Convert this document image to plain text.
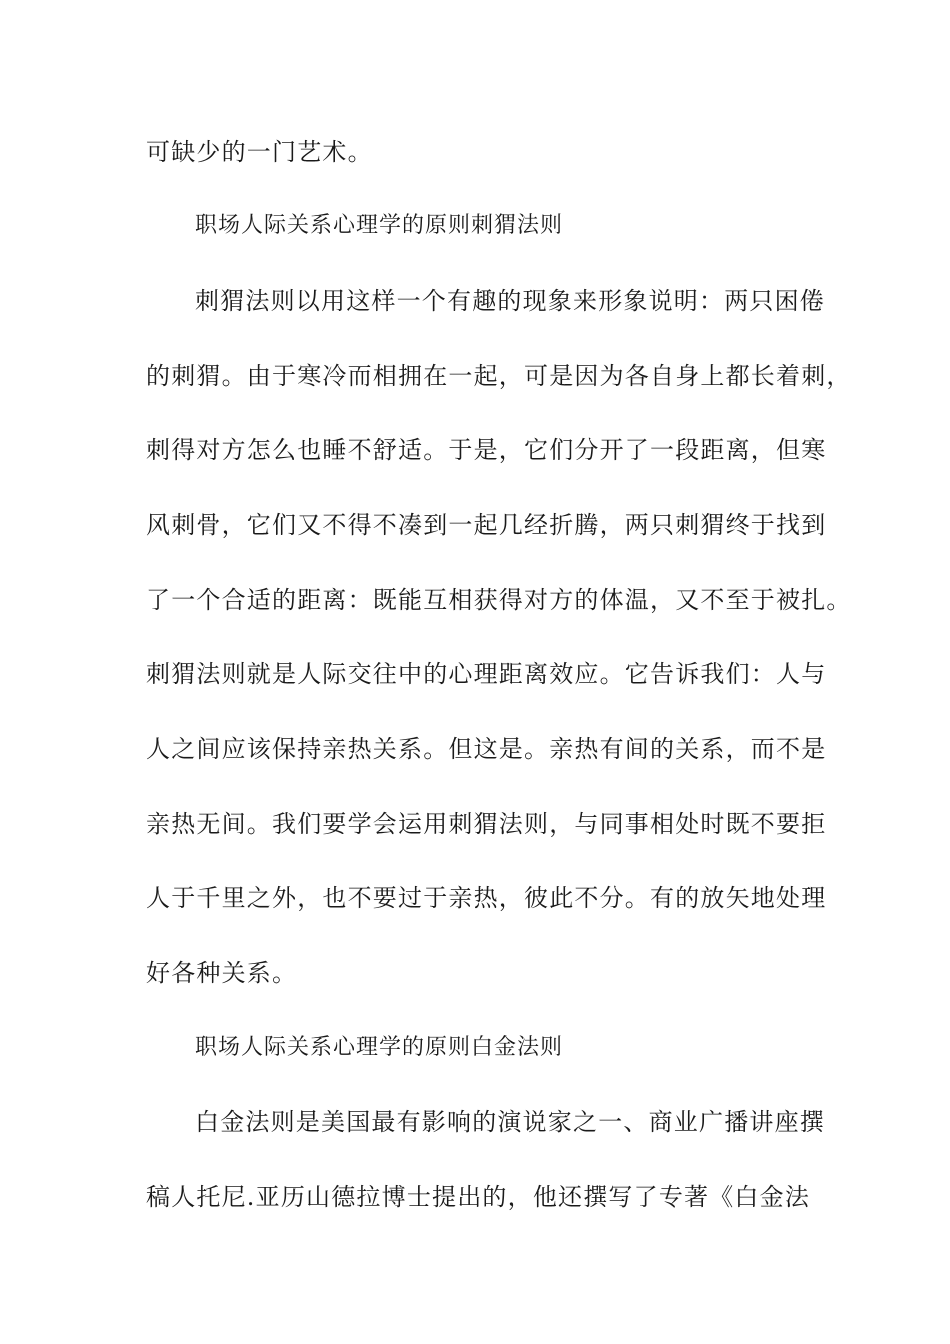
可缺少的一门艺术。
职场人际关系心理学的原则刺猬法则
刺猬法则以用这样一个有趣的现象来形象说明：两只困倦
的刺猬。由于寒冷而相拥在一起，可是因为各自身上都长着刺，
刺得对方怎么也睡不舒适。于是，它们分开了一段距离，但寒
风刺骨，它们又不得不凑到一起几经折腾，两只刺猬终于找到
了一个合适的距离：既能互相获得对方的体温，又不至于被扎。
刺猬法则就是人际交往中的心理距离效应。它告诉我们：人与
人之间应该保持亲热关系。但这是。亲热有间的关系，而不是
亲热无间。我们要学会运用刺猬法则，与同事相处时既不要拒
人于千里之外，也不要过于亲热，彼此不分。有的放矢地处理
好各种关系。
职场人际关系心理学的原则白金法则
白金法则是美国最有影响的演说家之一、商业广播讲座撰
稿人托尼.亚历山德拉博士提出的，他还撰写了专著《白金法
